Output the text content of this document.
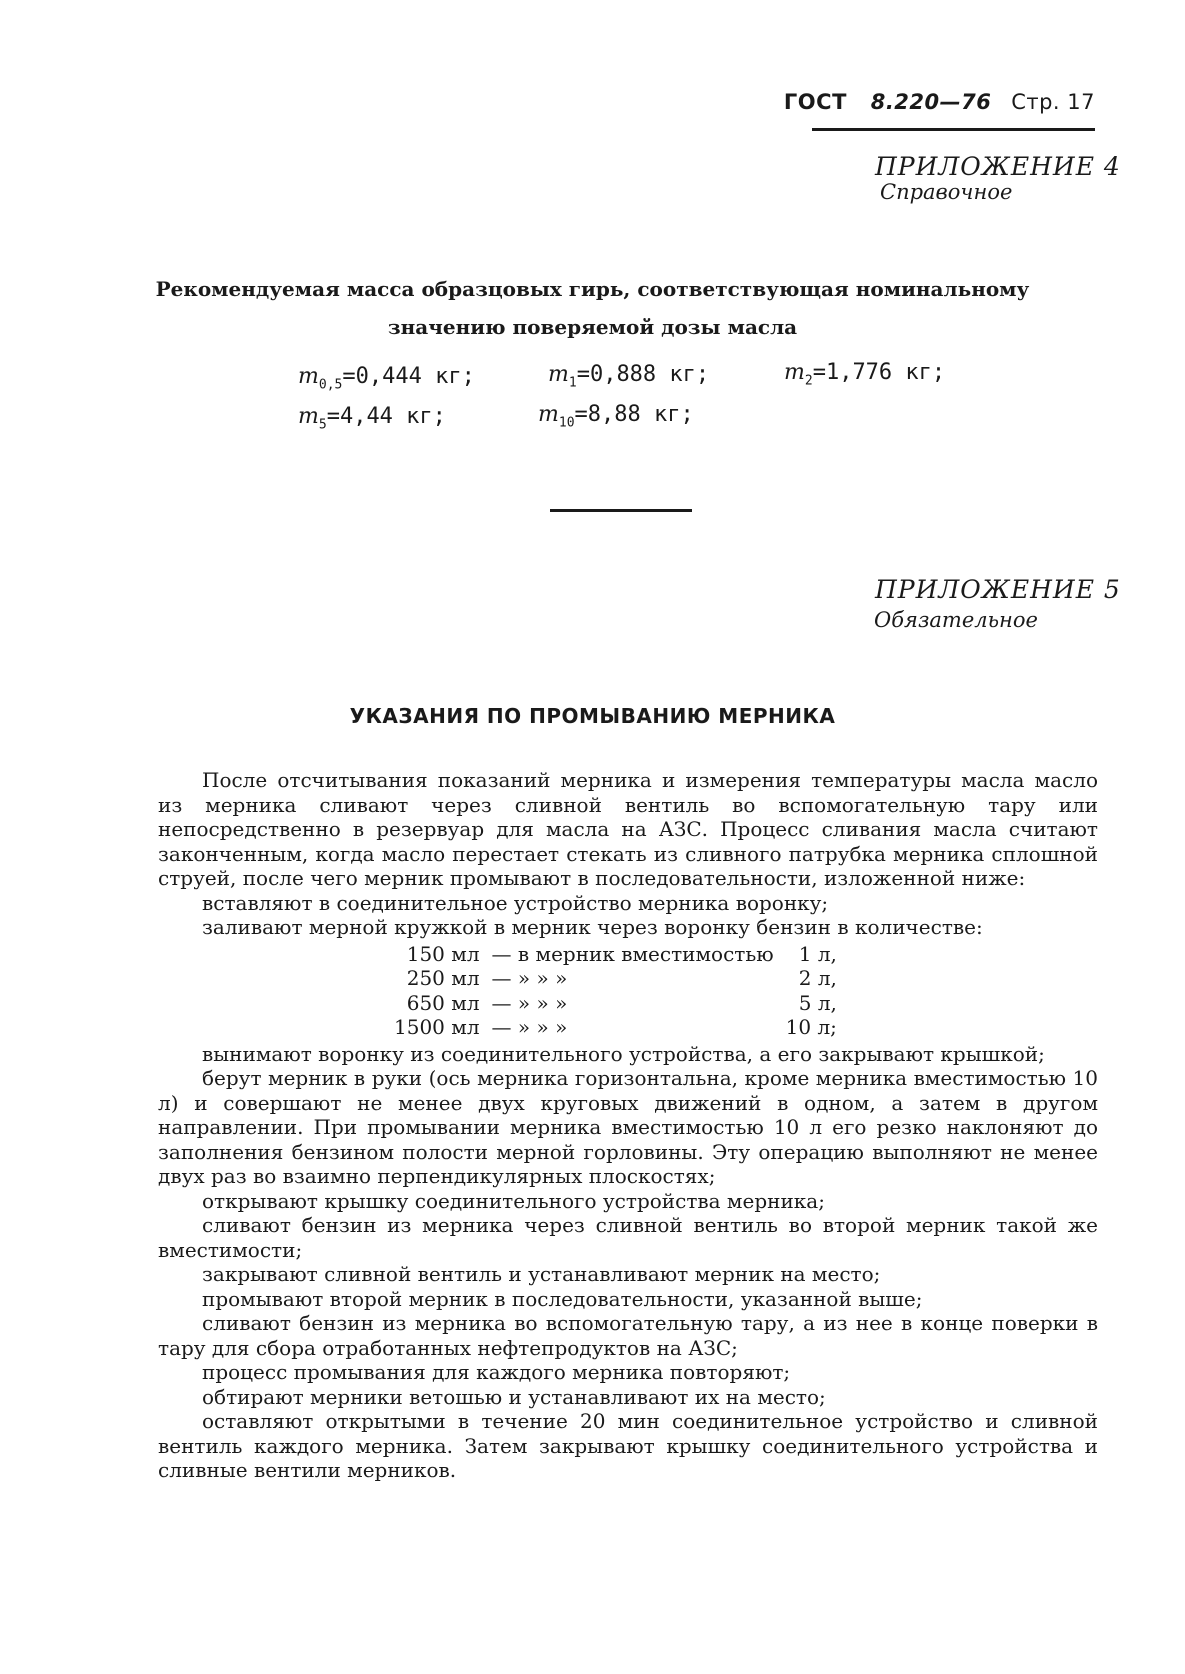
ГОСТ 8.220—76 Стр. 17
ПРИЛОЖЕНИЕ 4
Справочное
Рекомендуемая масса образцовых гирь, соответствующая номинальному
значению поверяемой дозы масла
$m_{0,5}=0,444$ кг;	$m_1=0,888$ кг;	$m_2=1,776$ кг;
$m_5=4,44$ кг;	$m_{10}=8,88$ кг;
ПРИЛОЖЕНИЕ 5
Обязательное
УКАЗАНИЯ ПО ПРОМЫВАНИЮ МЕРНИКА

После отсчитывания показаний мерника и измерения температуры масла масло из мерника сливают через сливной вентиль во вспомогательную тару или непосредственно в резервуар для масла на АЗС. Процесс сливания масла считают законченным, когда масло перестает стекать из сливного патрубка мерника сплошной струей, после чего мерник промывают в последовательности, изложенной ниже:

вставляют в соединительное устройство мерника воронку;

заливают мерной кружкой в мерник через воронку бензин в количестве:

150 мл	— в мерник вместимостью	1 л,
250 мл	— » » »	2 л,
650 мл	— » » »	5 л,
1500 мл	— » » »	10 л;

вынимают воронку из соединительного устройства, а его закрывают крышкой;

берут мерник в руки (ось мерника горизонтальна, кроме мерника вместимостью 10 л) и совершают не менее двух круговых движений в одном, а затем в другом направлении. При промывании мерника вместимостью 10 л его резко наклоняют до заполнения бензином полости мерной горловины. Эту операцию выполняют не менее двух раз во взаимно перпендикулярных плоскостях;

открывают крышку соединительного устройства мерника;

сливают бензин из мерника через сливной вентиль во второй мерник такой же вместимости;

закрывают сливной вентиль и устанавливают мерник на место;

промывают второй мерник в последовательности, указанной выше;

сливают бензин из мерника во вспомогательную тару, а из нее в конце поверки в тару для сбора отработанных нефтепродуктов на АЗС;

процесс промывания для каждого мерника повторяют;

обтирают мерники ветошью и устанавливают их на место;

оставляют открытыми в течение 20 мин соединительное устройство и сливной вентиль каждого мерника. Затем закрывают крышку соединительного устройства и сливные вентили мерников.
